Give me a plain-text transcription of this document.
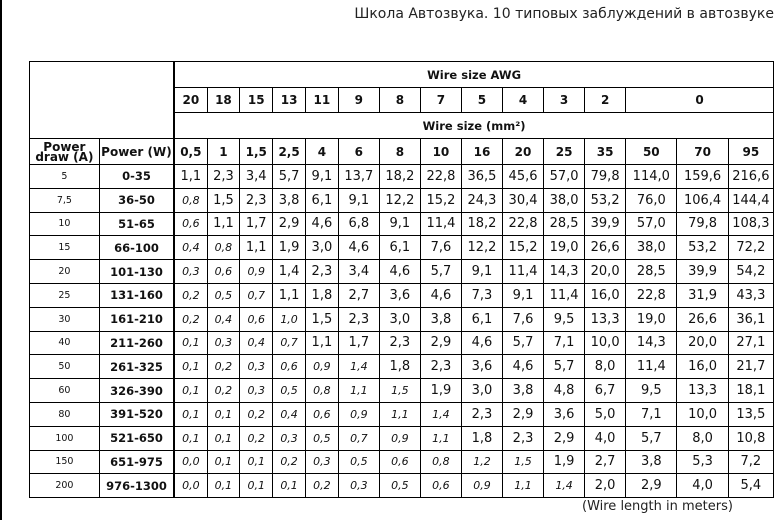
Школа Автозвука. 10 типовых заблуждений в автозвуке
		Wire size AWG														
		20	18	15	13	11	9	8	7	5	4	3	2	0		
		Wire size (mm²)														
Power draw (A)	Power (W)	0,5	1	1,5	2,5	4	6	8	10	16	20	25	35	50	70	95
5	0-35	1,1	2,3	3,4	5,7	9,1	13,7	18,2	22,8	36,5	45,6	57,0	79,8	114,0	159,6	216,6
7,5	36-50	0,8	1,5	2,3	3,8	6,1	9,1	12,2	15,2	24,3	30,4	38,0	53,2	76,0	106,4	144,4
10	51-65	0,6	1,1	1,7	2,9	4,6	6,8	9,1	11,4	18,2	22,8	28,5	39,9	57,0	79,8	108,3
15	66-100	0,4	0,8	1,1	1,9	3,0	4,6	6,1	7,6	12,2	15,2	19,0	26,6	38,0	53,2	72,2
20	101-130	0,3	0,6	0,9	1,4	2,3	3,4	4,6	5,7	9,1	11,4	14,3	20,0	28,5	39,9	54,2
25	131-160	0,2	0,5	0,7	1,1	1,8	2,7	3,6	4,6	7,3	9,1	11,4	16,0	22,8	31,9	43,3
30	161-210	0,2	0,4	0,6	1,0	1,5	2,3	3,0	3,8	6,1	7,6	9,5	13,3	19,0	26,6	36,1
40	211-260	0,1	0,3	0,4	0,7	1,1	1,7	2,3	2,9	4,6	5,7	7,1	10,0	14,3	20,0	27,1
50	261-325	0,1	0,2	0,3	0,6	0,9	1,4	1,8	2,3	3,6	4,6	5,7	8,0	11,4	16,0	21,7
60	326-390	0,1	0,2	0,3	0,5	0,8	1,1	1,5	1,9	3,0	3,8	4,8	6,7	9,5	13,3	18,1
80	391-520	0,1	0,1	0,2	0,4	0,6	0,9	1,1	1,4	2,3	2,9	3,6	5,0	7,1	10,0	13,5
100	521-650	0,1	0,1	0,2	0,3	0,5	0,7	0,9	1,1	1,8	2,3	2,9	4,0	5,7	8,0	10,8
150	651-975	0,0	0,1	0,1	0,2	0,3	0,5	0,6	0,8	1,2	1,5	1,9	2,7	3,8	5,3	7,2
200	976-1300	0,0	0,1	0,1	0,1	0,2	0,3	0,5	0,6	0,9	1,1	1,4	2,0	2,9	4,0	5,4
(Wire length in meters)
